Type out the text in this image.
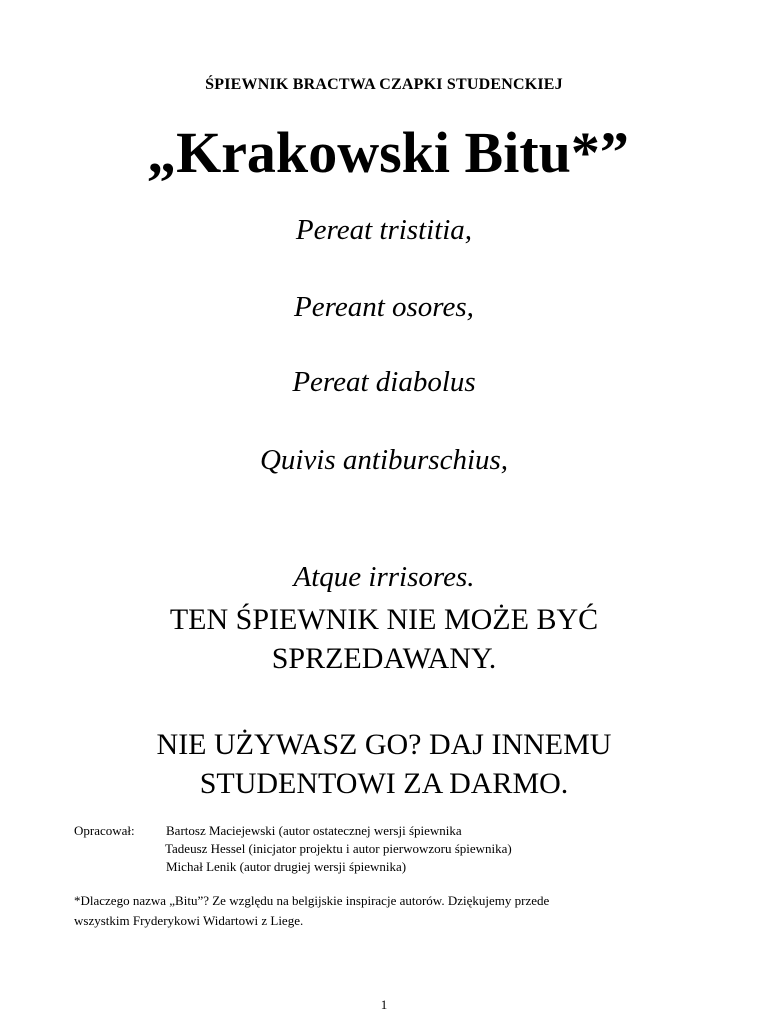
ŚPIEWNIK BRACTWA CZAPKI STUDENCKIEJ
„Krakowski Bitu*”
Pereat tristitia,
Pereant osores,
Pereat diabolus
Quivis antiburschius,
Atque irrisores.
TEN ŚPIEWNIK NIE MOŻE BYĆ SPRZEDAWANY.
NIE UŻYWASZ GO? DAJ INNEMU STUDENTOWI ZA DARMO.
Opracował: Bartosz Maciejewski (autor ostatecznej wersji śpiewnika
Tadeusz Hessel (inicjator projektu i autor pierwowzoru śpiewnika)
Michał Lenik (autor drugiej wersji śpiewnika)
*Dlaczego nazwa „Bitu”? Ze względu na belgijskie inspiracje autorów. Dziękujemy przede
wszystkim Fryderykowi Widartowi z Liege.
1
